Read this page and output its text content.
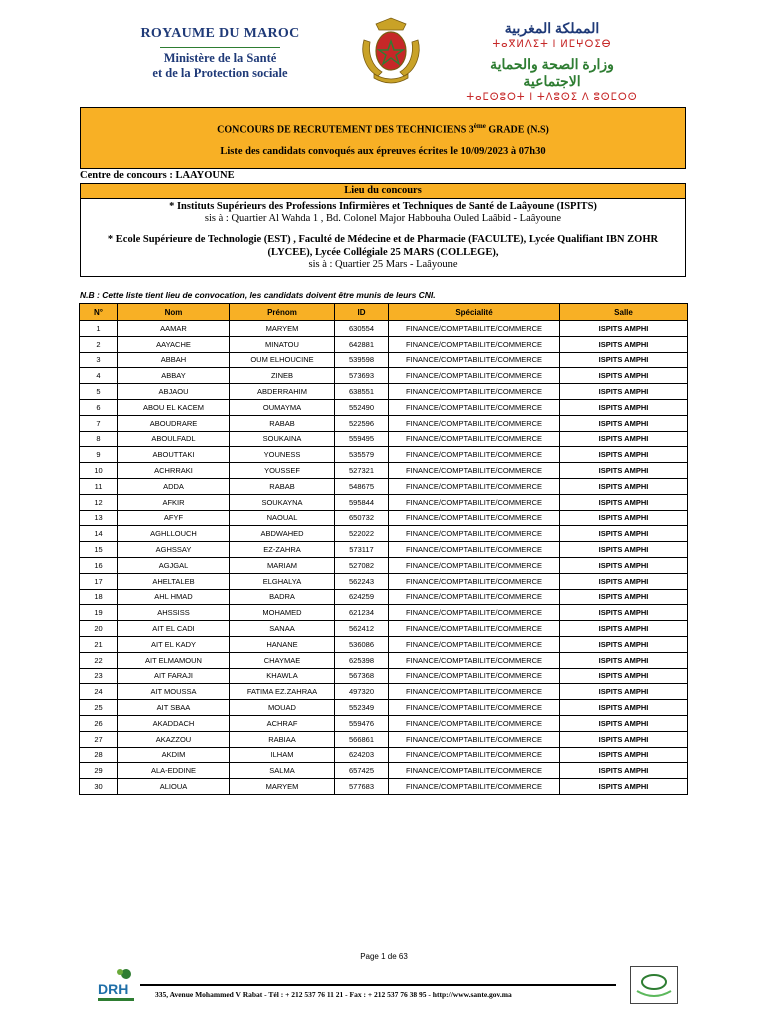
ROYAUME DU MAROC
Ministère de la Santé
et de la Protection sociale
المملكة المغربية
ⵜⴰⴳⵍⴷⵉⵜ ⵏ ⵍⵎⵖⵔⵉⴱ
وزارة الصحة والحماية الاجتماعية
ⵜⴰⵎⵙⵓⵔⵜ ⵏ ⵜⴷⵓⵙⵉ ⴷ ⵓⵙⵎⵔⵙ
CONCOURS DE RECRUTEMENT DES TECHNICIENS 3ème GRADE (N.S)
Liste des candidats convoqués aux épreuves écrites le 10/09/2023 à 07h30
Centre de concours : LAAYOUNE
Lieu du concours
* Instituts Supérieurs des Professions Infirmières et Techniques de Santé de Laâyoune (ISPITS)
sis à : Quartier Al Wahda 1 , Bd. Colonel Major Habbouha Ouled Laâbid - Laâyoune
* Ecole Supérieure de Technologie (EST) , Faculté de Médecine et de Pharmacie (FACULTE), Lycée Qualifiant IBN ZOHR (LYCEE), Lycée Collégiale 25 MARS (COLLEGE),
sis à : Quartier 25 Mars - Laâyoune
N.B : Cette liste tient lieu de convocation, les candidats doivent être munis de leurs CNI.
N°	Nom	Prénom	ID	Spécialité	Salle
1	AAMAR	MARYEM	630554	FINANCE/COMPTABILITE/COMMERCE	ISPITS AMPHI
2	AAYACHE	MINATOU	642881	FINANCE/COMPTABILITE/COMMERCE	ISPITS AMPHI
3	ABBAH	OUM ELHOUCINE	539598	FINANCE/COMPTABILITE/COMMERCE	ISPITS AMPHI
4	ABBAY	ZINEB	573693	FINANCE/COMPTABILITE/COMMERCE	ISPITS AMPHI
5	ABJAOU	ABDERRAHIM	638551	FINANCE/COMPTABILITE/COMMERCE	ISPITS AMPHI
6	ABOU EL KACEM	OUMAYMA	552490	FINANCE/COMPTABILITE/COMMERCE	ISPITS AMPHI
7	ABOUDRARE	RABAB	522596	FINANCE/COMPTABILITE/COMMERCE	ISPITS AMPHI
8	ABOULFADL	SOUKAINA	559495	FINANCE/COMPTABILITE/COMMERCE	ISPITS AMPHI
9	ABOUTTAKI	YOUNESS	535579	FINANCE/COMPTABILITE/COMMERCE	ISPITS AMPHI
10	ACHRRAKI	YOUSSEF	527321	FINANCE/COMPTABILITE/COMMERCE	ISPITS AMPHI
11	ADDA	RABAB	548675	FINANCE/COMPTABILITE/COMMERCE	ISPITS AMPHI
12	AFKIR	SOUKAYNA	595844	FINANCE/COMPTABILITE/COMMERCE	ISPITS AMPHI
13	AFYF	NAOUAL	650732	FINANCE/COMPTABILITE/COMMERCE	ISPITS AMPHI
14	AGHLLOUCH	ABDWAHED	522022	FINANCE/COMPTABILITE/COMMERCE	ISPITS AMPHI
15	AGHSSAY	EZ-ZAHRA	573117	FINANCE/COMPTABILITE/COMMERCE	ISPITS AMPHI
16	AGJGAL	MARIAM	527082	FINANCE/COMPTABILITE/COMMERCE	ISPITS AMPHI
17	AHELTALEB	ELGHALYA	562243	FINANCE/COMPTABILITE/COMMERCE	ISPITS AMPHI
18	AHL HMAD	BADRA	624259	FINANCE/COMPTABILITE/COMMERCE	ISPITS AMPHI
19	AHSSISS	MOHAMED	621234	FINANCE/COMPTABILITE/COMMERCE	ISPITS AMPHI
20	AIT EL CADI	SANAA	562412	FINANCE/COMPTABILITE/COMMERCE	ISPITS AMPHI
21	AIT EL KADY	HANANE	536086	FINANCE/COMPTABILITE/COMMERCE	ISPITS AMPHI
22	AIT ELMAMOUN	CHAYMAE	625398	FINANCE/COMPTABILITE/COMMERCE	ISPITS AMPHI
23	AIT FARAJI	KHAWLA	567368	FINANCE/COMPTABILITE/COMMERCE	ISPITS AMPHI
24	AIT MOUSSA	FATIMA EZ.ZAHRAA	497320	FINANCE/COMPTABILITE/COMMERCE	ISPITS AMPHI
25	AIT SBAA	MOUAD	552349	FINANCE/COMPTABILITE/COMMERCE	ISPITS AMPHI
26	AKADDACH	ACHRAF	559476	FINANCE/COMPTABILITE/COMMERCE	ISPITS AMPHI
27	AKAZZOU	RABIAA	566861	FINANCE/COMPTABILITE/COMMERCE	ISPITS AMPHI
28	AKDIM	ILHAM	624203	FINANCE/COMPTABILITE/COMMERCE	ISPITS AMPHI
29	ALA-EDDINE	SALMA	657425	FINANCE/COMPTABILITE/COMMERCE	ISPITS AMPHI
30	ALIOUA	MARYEM	577683	FINANCE/COMPTABILITE/COMMERCE	ISPITS AMPHI
Page 1 de 63
DRH	335, Avenue Mohammed V Rabat - Tél : + 212 537 76 11 21 - Fax : + 212 537 76 38 95 - http://www.sante.gov.ma
